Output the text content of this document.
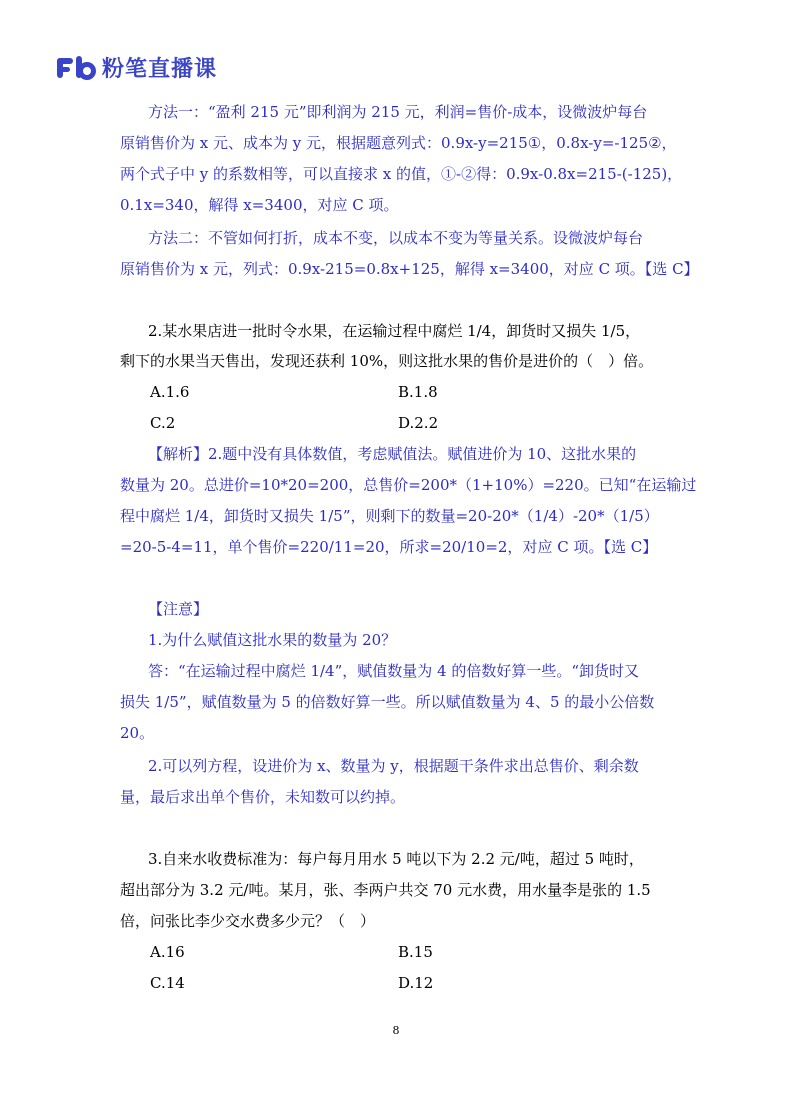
粉笔直播课
方法一：“盈利 215 元”即利润为 215 元，利润=售价-成本，设微波炉每台
原销售价为 x 元、成本为 y 元，根据题意列式：0.9x-y=215①，0.8x-y=-125②，
两个式子中 y 的系数相等，可以直接求 x 的值，①-②得：0.9x-0.8x=215-(-125)，
0.1x=340，解得 x=3400，对应 C 项。
方法二：不管如何打折，成本不变，以成本不变为等量关系。设微波炉每台
原销售价为 x 元，列式：0.9x-215=0.8x+125，解得 x=3400，对应 C 项。【选 C】
2.某水果店进一批时令水果，在运输过程中腐烂 1/4，卸货时又损失 1/5，
剩下的水果当天售出，发现还获利 10%，则这批水果的售价是进价的（　）倍。
A.1.6	B.1.8
C.2	D.2.2
【解析】2.题中没有具体数值，考虑赋值法。赋值进价为 10、这批水果的
数量为 20。总进价=10*20=200，总售价=200*（1+10%）=220。已知“在运输过
程中腐烂 1/4，卸货时又损失 1/5”，则剩下的数量=20-20*（1/4）-20*（1/5）
=20-5-4=11，单个售价=220/11=20，所求=20/10=2，对应 C 项。【选 C】
【注意】
1.为什么赋值这批水果的数量为 20？
答：“在运输过程中腐烂 1/4”，赋值数量为 4 的倍数好算一些。“卸货时又
损失 1/5”，赋值数量为 5 的倍数好算一些。所以赋值数量为 4、5 的最小公倍数
20。
2.可以列方程，设进价为 x、数量为 y，根据题干条件求出总售价、剩余数
量，最后求出单个售价，未知数可以约掉。
3.自来水收费标准为：每户每月用水 5 吨以下为 2.2 元/吨，超过 5 吨时，
超出部分为 3.2 元/吨。某月，张、李两户共交 70 元水费，用水量李是张的 1.5
倍，问张比李少交水费多少元？（　）
A.16	B.15
C.14	D.12
8
